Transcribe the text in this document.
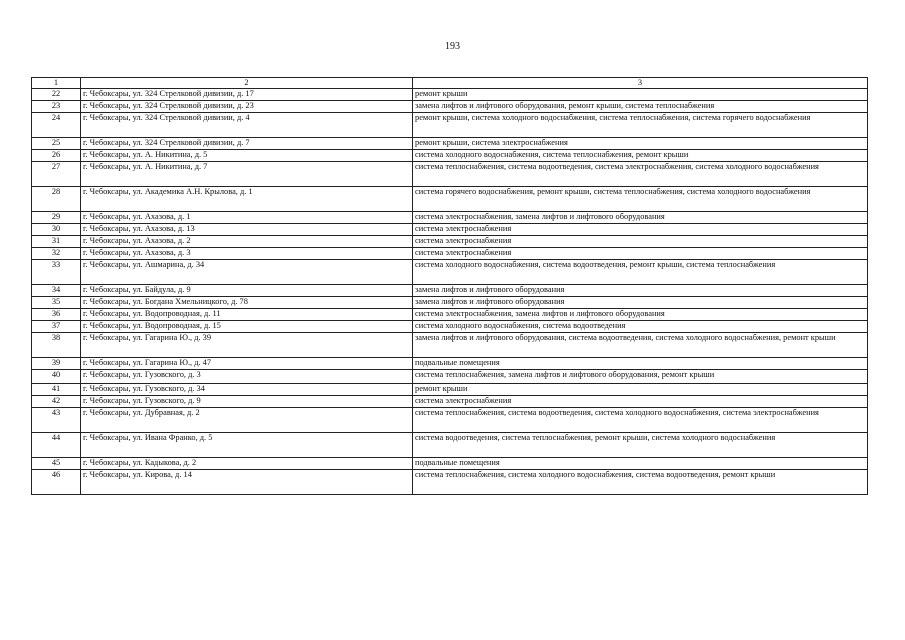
193
1	2	3
22	г. Чебоксары, ул. 324 Стрелковой дивизии, д. 17	ремонт крыши
23	г. Чебоксары, ул. 324 Стрелковой дивизии, д. 23	замена лифтов и лифтового оборудования, ремонт крыши, система теплоснабжения
24	г. Чебоксары, ул. 324 Стрелковой дивизии, д. 4	ремонт крыши, система холодного водоснабжения, система теплоснабжения, система горячего водоснабжения
25	г. Чебоксары, ул. 324 Стрелковой дивизии, д. 7	ремонт крыши, система электроснабжения
26	г. Чебоксары, ул. А. Никитина, д. 5	система холодного водоснабжения, система теплоснабжения, ремонт крыши
27	г. Чебоксары, ул. А. Никитина, д. 7	система теплоснабжения, система водоотведения, система электроснабжения, система холодного водоснабжения
28	г. Чебоксары, ул. Академика А.Н. Крылова, д. 1	система горячего водоснабжения, ремонт крыши, система теплоснабжения, система холодного водоснабжения
29	г. Чебоксары, ул. Ахазова, д. 1	система электроснабжения, замена лифтов и лифтового оборудования
30	г. Чебоксары, ул. Ахазова, д. 13	система электроснабжения
31	г. Чебоксары, ул. Ахазова, д. 2	система электроснабжения
32	г. Чебоксары, ул. Ахазова, д. 3	система электроснабжения
33	г. Чебоксары, ул. Ашмарина, д. 34	система холодного водоснабжения, система водоотведения, ремонт крыши, система теплоснабжения
34	г. Чебоксары, ул. Байдула, д. 9	замена лифтов и лифтового оборудования
35	г. Чебоксары, ул. Богдана Хмельницкого, д. 78	замена лифтов и лифтового оборудования
36	г. Чебоксары, ул. Водопроводная, д. 11	система электроснабжения, замена лифтов и лифтового оборудования
37	г. Чебоксары, ул. Водопроводная, д. 15	система холодного водоснабжения, система водоотведения
38	г. Чебоксары, ул. Гагарина Ю., д. 39	замена лифтов и лифтового оборудования, система водоотведения, система холодного водоснабжения, ремонт крыши
39	г. Чебоксары, ул. Гагарина Ю., д. 47	подвальные помещения
40	г. Чебоксары, ул. Гузовского, д. 3	система теплоснабжения, замена лифтов и лифтового оборудования, ремонт крыши
41	г. Чебоксары, ул. Гузовского, д. 34	ремонт крыши
42	г. Чебоксары, ул. Гузовского, д. 9	система электроснабжения
43	г. Чебоксары, ул. Дубравная, д. 2	система теплоснабжения, система водоотведения, система холодного водоснабжения, система электроснабжения
44	г. Чебоксары, ул. Ивана Франко, д. 5	система водоотведения, система теплоснабжения, ремонт крыши, система холодного водоснабжения
45	г. Чебоксары, ул. Кадыкова, д. 2	подвальные помещения
46	г. Чебоксары, ул. Кирова, д. 14	система теплоснабжения, система холодного водоснабжения, система водоотведения, ремонт крыши
